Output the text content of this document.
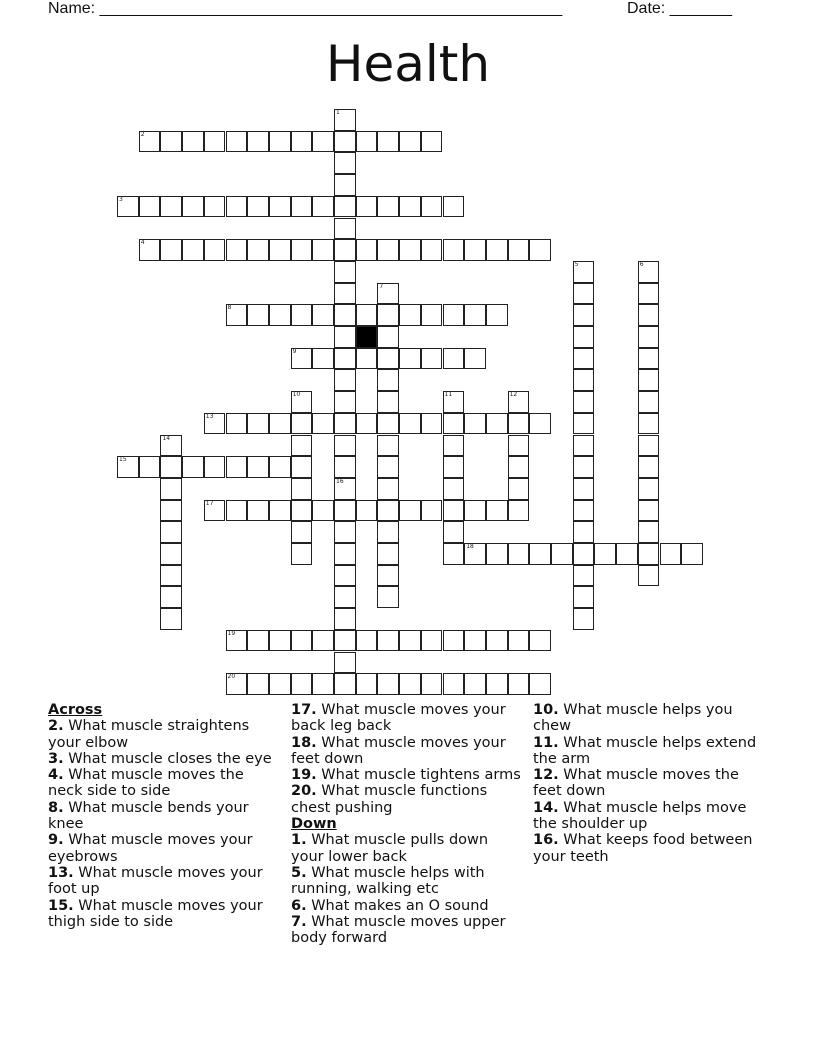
Name: ____________________________________________________	Date: _______
Health
1
16
2
3
4
5	6
7
8
9
10	11	12
13
14
15
17
18
19
20
Across
2. What muscle straightens your elbow
3. What muscle closes the eye
4. What muscle moves the neck side to side
8. What muscle bends your knee
9. What muscle moves your eyebrows
13. What muscle moves your foot up
15. What muscle moves your thigh side to side
17. What muscle moves your back leg back
18. What muscle moves your feet down
19. What muscle tightens arms
20. What muscle functions chest pushing
Down
1. What muscle pulls down your lower back
5. What muscle helps with running, walking etc
6. What makes an O sound
7. What muscle moves upper body forward
10. What muscle helps you chew
11. What muscle helps extend the arm
12. What muscle moves the feet down
14. What muscle helps move the shoulder up
16. What keeps food between your teeth
